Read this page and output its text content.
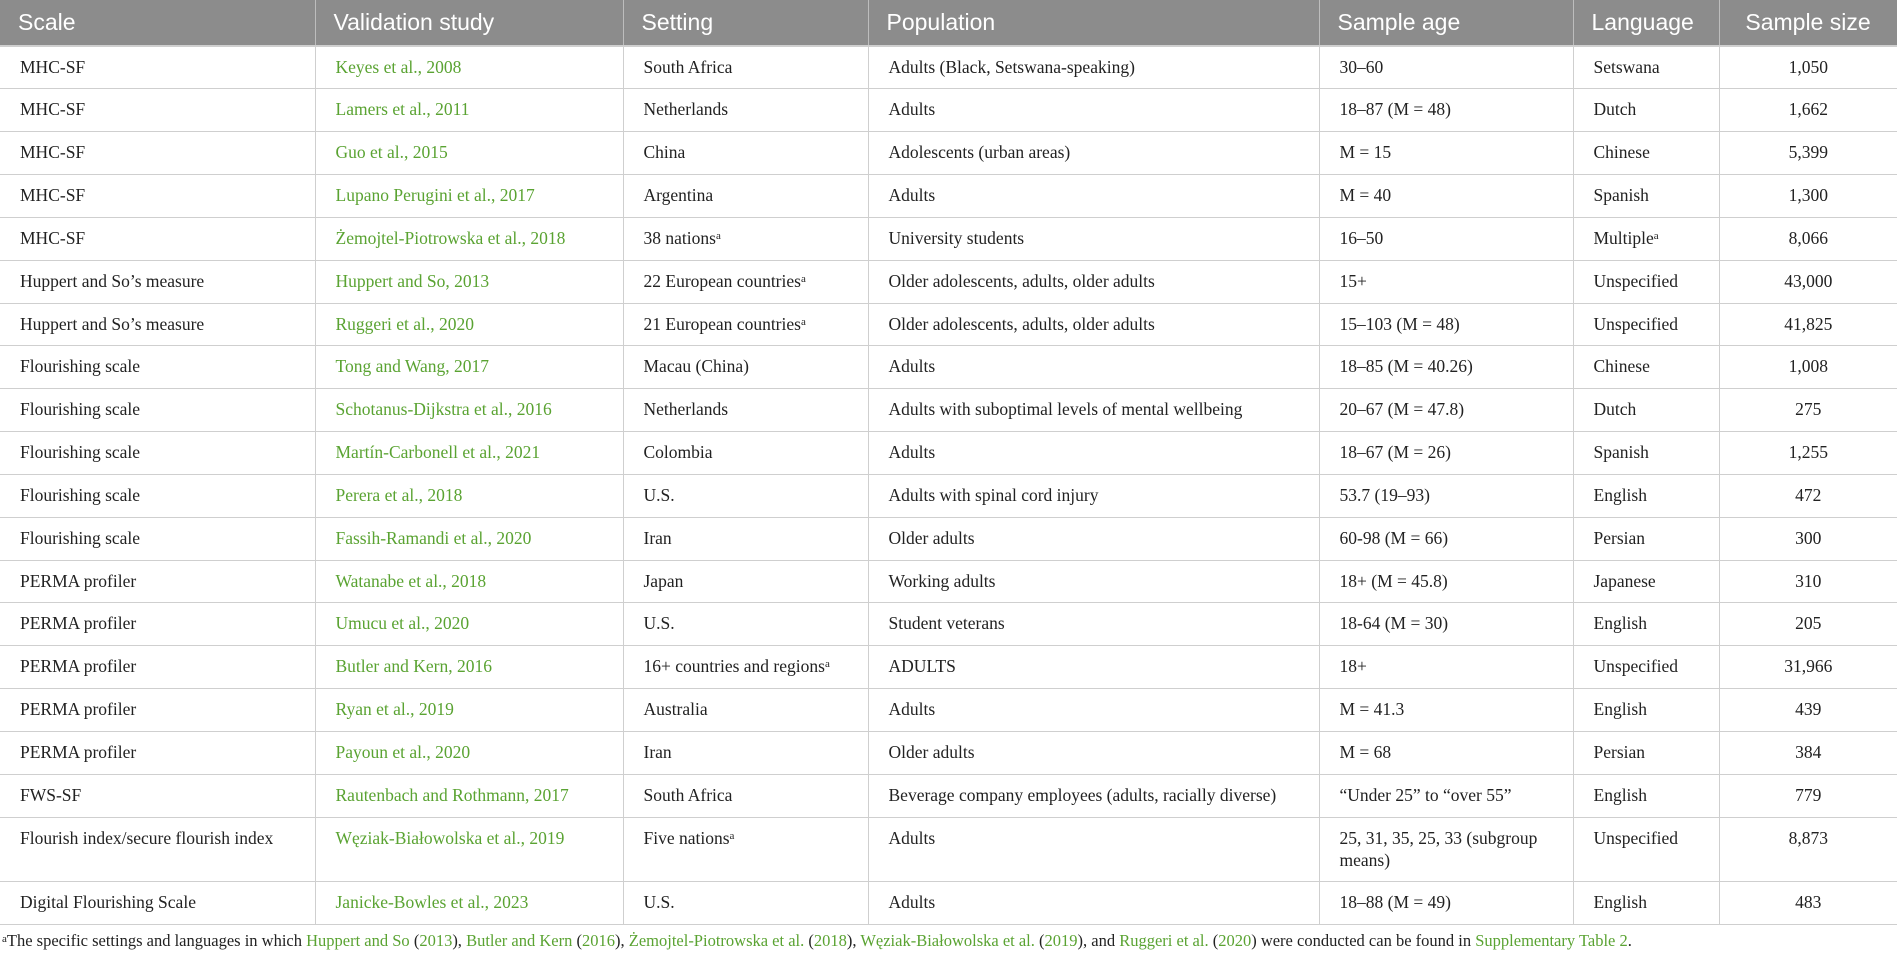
Scale	Validation study	Setting	Population	Sample age	Language	Sample size
MHC-SF	Keyes et al., 2008	South Africa	Adults (Black, Setswana-speaking)	30–60	Setswana	1,050
MHC-SF	Lamers et al., 2011	Netherlands	Adults	18–87 (M = 48)	Dutch	1,662
MHC-SF	Guo et al., 2015	China	Adolescents (urban areas)	M = 15	Chinese	5,399
MHC-SF	Lupano Perugini et al., 2017	Argentina	Adults	M = 40	Spanish	1,300
MHC-SF	Żemojtel-Piotrowska et al., 2018	38 nations$^a$	University students	16–50	Multiple$^a$	8,066
Huppert and So’s measure	Huppert and So, 2013	22 European countries$^a$	Older adolescents, adults, older adults	15+	Unspecified	43,000
Huppert and So’s measure	Ruggeri et al., 2020	21 European countries$^a$	Older adolescents, adults, older adults	15–103 (M = 48)	Unspecified	41,825
Flourishing scale	Tong and Wang, 2017	Macau (China)	Adults	18–85 (M = 40.26)	Chinese	1,008
Flourishing scale	Schotanus-Dijkstra et al., 2016	Netherlands	Adults with suboptimal levels of mental wellbeing	20–67 (M = 47.8)	Dutch	275
Flourishing scale	Martín-Carbonell et al., 2021	Colombia	Adults	18–67 (M = 26)	Spanish	1,255
Flourishing scale	Perera et al., 2018	U.S.	Adults with spinal cord injury	53.7 (19–93)	English	472
Flourishing scale	Fassih-Ramandi et al., 2020	Iran	Older adults	60-98 (M = 66)	Persian	300
PERMA profiler	Watanabe et al., 2018	Japan	Working adults	18+ (M = 45.8)	Japanese	310
PERMA profiler	Umucu et al., 2020	U.S.	Student veterans	18-64 (M = 30)	English	205
PERMA profiler	Butler and Kern, 2016	16+ countries and regions$^a$	ADULTS	18+	Unspecified	31,966
PERMA profiler	Ryan et al., 2019	Australia	Adults	M = 41.3	English	439
PERMA profiler	Payoun et al., 2020	Iran	Older adults	M = 68	Persian	384
FWS-SF	Rautenbach and Rothmann, 2017	South Africa	Beverage company employees (adults, racially diverse)	“Under 25” to “over 55”	English	779
Flourish index/secure flourish index	Węziak-Białowolska et al., 2019	Five nations$^a$	Adults	25, 31, 35, 25, 33 (subgroup means)	Unspecified	8,873
Digital Flourishing Scale	Janicke-Bowles et al., 2023	U.S.	Adults	18–88 (M = 49)	English	483
$^a$The specific settings and languages in which Huppert and So (2013), Butler and Kern (2016), Żemojtel-Piotrowska et al. (2018), Węziak-Białowolska et al. (2019), and Ruggeri et al. (2020) were conducted can be found in Supplementary Table 2.
